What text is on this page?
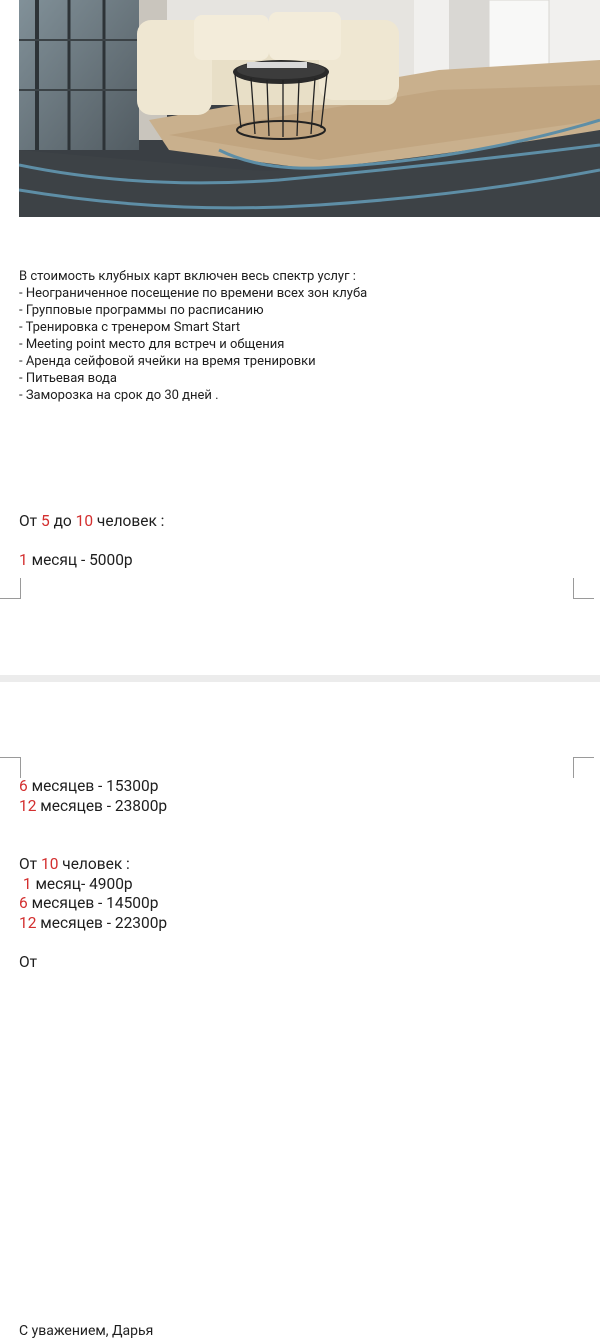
В стоимость клубных карт включен весь спектр услуг :
- Неограниченное посещение по времени всех зон клуба
- Групповые программы по расписанию
- Тренировка с тренером Smart Start
- Meeting point место для встреч и общения
- Аренда сейфовой ячейки на время тренировки
- Питьевая вода
- Заморозка на срок до 30 дней .
От 5 до 10 человек :
1 месяц - 5000р
6 месяцев - 15300р
12 месяцев - 23800р
От 10 человек :
1 месяц- 4900р
6 месяцев - 14500р
12 месяцев - 22300р
От
С уважением, Дарья
